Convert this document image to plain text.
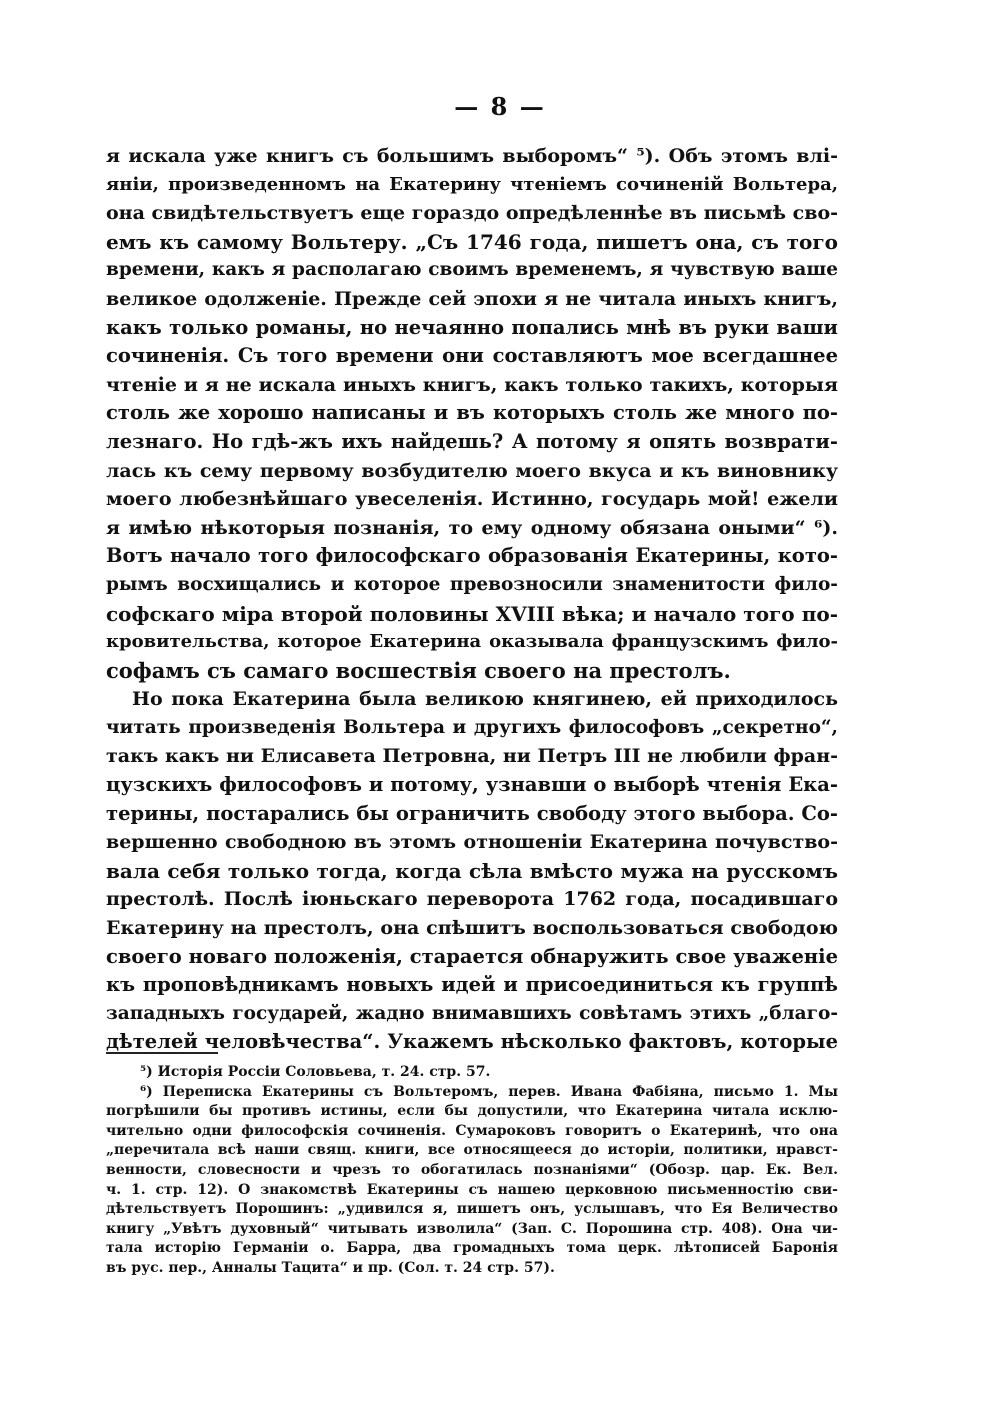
— 8 —
я искала уже книгъ съ большимъ выборомъ“ ⁵). Объ этомъ влі-
яніи, произведенномъ на Екатерину чтеніемъ сочиненій Вольтера,
она свидѣтельствуетъ еще гораздо опредѣленнѣе въ письмѣ сво-
емъ къ самому Вольтеру. „Съ 1746 года, пишетъ она, съ того
времени, какъ я располагаю своимъ временемъ, я чувствую ваше
великое одолженіе. Прежде сей эпохи я не читала иныхъ книгъ,
какъ только романы, но нечаянно попались мнѣ въ руки ваши
сочиненія. Съ того времени они составляютъ мое всегдашнее
чтеніе и я не искала иныхъ книгъ, какъ только такихъ, которыя
столь же хорошо написаны и въ которыхъ столь же много по-
лезнаго. Но гдѣ-жъ ихъ найдешь? А потому я опять возврати-
лась къ сему первому возбудителю моего вкуса и къ виновнику
моего любезнѣйшаго увеселенія. Истинно, государь мой! ежели
я имѣю нѣкоторыя познанія, то ему одному обязана оными“ ⁶).
Вотъ начало того философскаго образованія Екатерины, кото-
рымъ восхищались и которое превозносили знаменитости фило-
софскаго міра второй половины XVIII вѣка; и начало того по-
кровительства, которое Екатерина оказывала французскимъ фило-
софамъ съ самаго восшествія своего на престолъ.
Но пока Екатерина была великою княгинею, ей приходилось
читать произведенія Вольтера и другихъ философовъ „секретно“,
такъ какъ ни Елисавета Петровна, ни Петръ III не любили фран-
цузскихъ философовъ и потому, узнавши о выборѣ чтенія Ека-
терины, постарались бы ограничить свободу этого выбора. Со-
вершенно свободною въ этомъ отношеніи Екатерина почувство-
вала себя только тогда, когда сѣла вмѣсто мужа на русскомъ
престолѣ. Послѣ іюньскаго переворота 1762 года, посадившаго
Екатерину на престолъ, она спѣшитъ воспользоваться свободою
своего новаго положенія, старается обнаружить свое уваженіе
къ проповѣдникамъ новыхъ идей и присоединиться къ группѣ
западныхъ государей, жадно внимавшихъ совѣтамъ этихъ „благо-
дѣтелей человѣчества“. Укажемъ нѣсколько фактовъ, которые
⁵) Исторія Россіи Соловьева, т. 24. стр. 57.
⁶) Переписка Екатерины съ Вольтеромъ, перев. Ивана Фабіяна, письмо 1. Мы
погрѣшили бы противъ истины, если бы допустили, что Екатерина читала исклю-
чительно одни философскія сочиненія. Сумароковъ говоритъ о Екатеринѣ, что она
„перечитала всѣ наши свящ. книги, все относящееся до исторіи, политики, нравст-
венности, словесности и чрезъ то обогатилась познаніями“ (Обозр. цар. Ек. Вел.
ч. 1. стр. 12). О знакомствѣ Екатерины съ нашею церковною письменностію сви-
дѣтельствуетъ Порошинъ: „удивился я, пишетъ онъ, услышавъ, что Ея Величество
книгу „Увѣтъ духовный“ читывать изволила“ (Зап. С. Порошина стр. 408). Она чи-
тала исторію Германіи о. Барра, два громадныхъ тома церк. лѣтописей Баронія
въ рус. пер., Анналы Тацита“ и пр. (Сол. т. 24 стр. 57).
